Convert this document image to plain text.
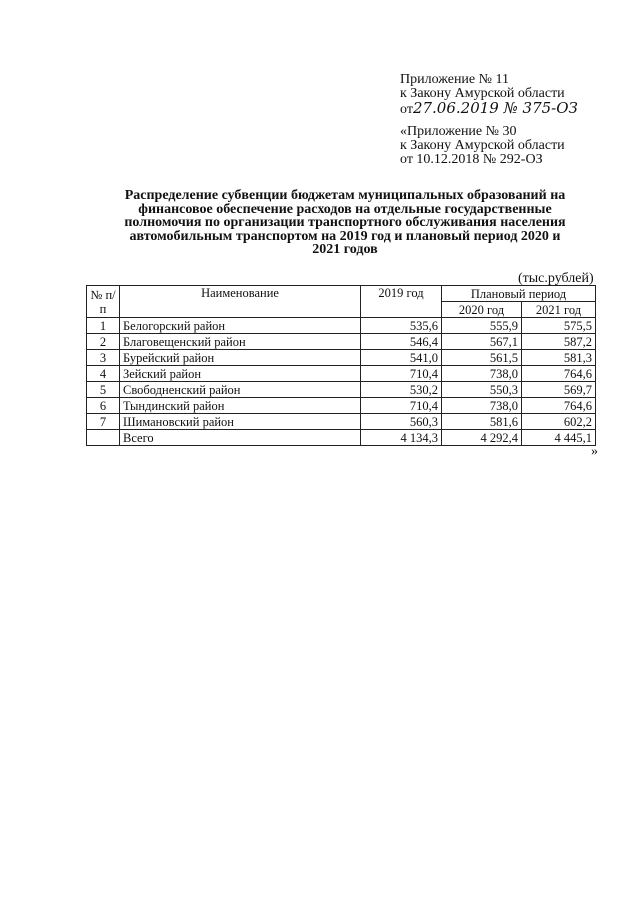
Приложение № 11
к Закону Амурской области
от27.06.2019 № 375-ОЗ
«Приложение № 30
к Закону Амурской области
от 10.12.2018 № 292-ОЗ
Распределение субвенции бюджетам муниципальных образований на
финансовое обеспечение расходов на отдельные государственные
полномочия по организации транспортного обслуживания населения
автомобильным транспортом на 2019 год и плановый период 2020 и
2021 годов
(тыс.рублей)
№ п/п	Наименование	2019 год	Плановый период	
			2020 год	2021 год
1	Белогорский район	535,6	555,9	575,5
2	Благовещенский район	546,4	567,1	587,2
3	Бурейский район	541,0	561,5	581,3
4	Зейский район	710,4	738,0	764,6
5	Свободненский район	530,2	550,3	569,7
6	Тындинский район	710,4	738,0	764,6
7	Шимановский район	560,3	581,6	602,2
	Всего	4 134,3	4 292,4	4 445,1
»
